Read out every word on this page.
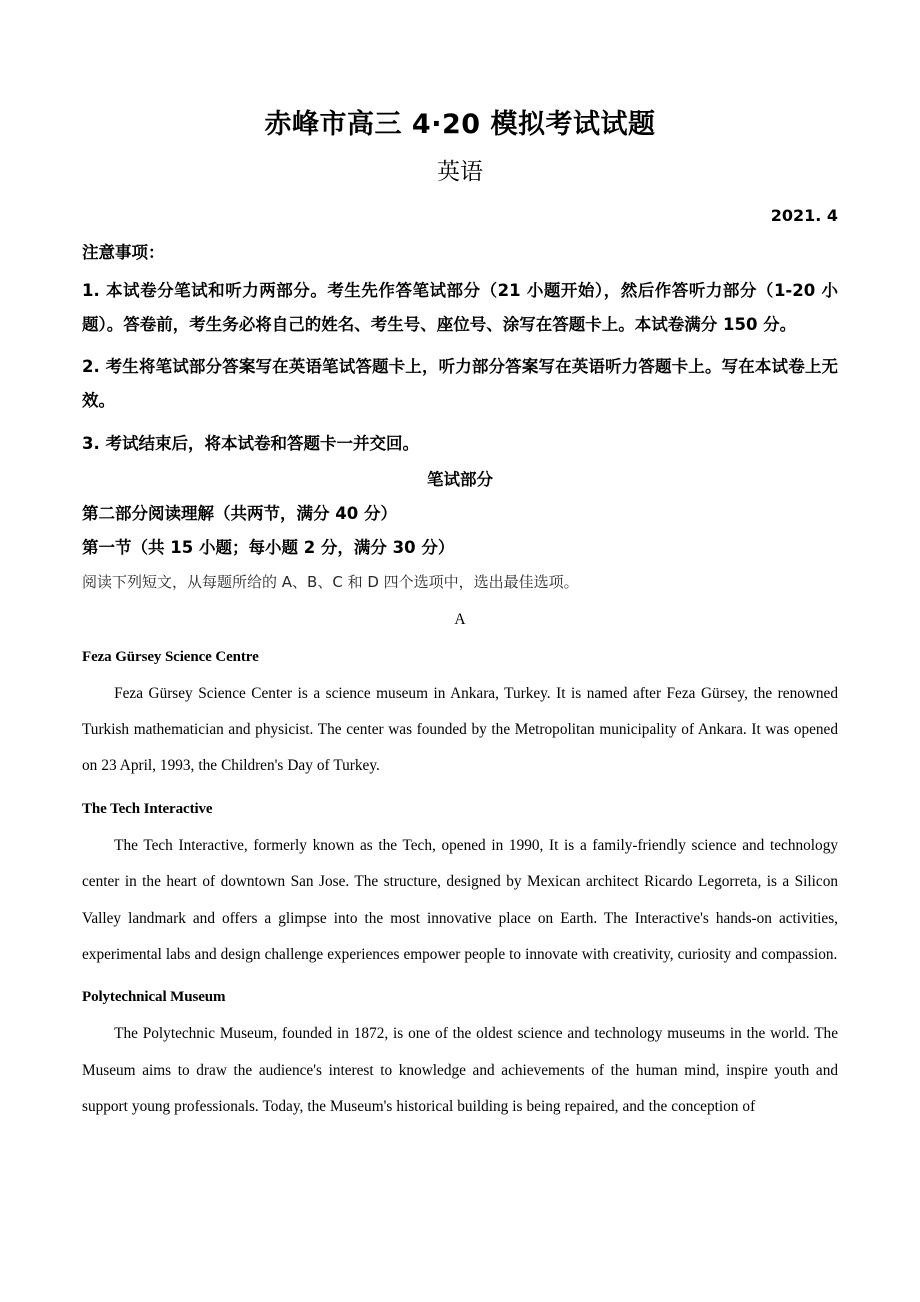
赤峰市高三 4·20 模拟考试试题
英语
2021. 4
注意事项：
1. 本试卷分笔试和听力两部分。考生先作答笔试部分（21 小题开始），然后作答听力部分（1-20 小题）。答卷前，考生务必将自己的姓名、考生号、座位号、涂写在答题卡上。本试卷满分 150 分。
2. 考生将笔试部分答案写在英语笔试答题卡上，听力部分答案写在英语听力答题卡上。写在本试卷上无效。
3. 考试结束后，将本试卷和答题卡一并交回。
笔试部分
第二部分阅读理解（共两节，满分 40 分）
第一节（共 15 小题；每小题 2 分，满分 30 分）
阅读下列短文，从每题所给的 A、B、C 和 D 四个选项中，选出最佳选项。
A
Feza Gürsey Science Centre

Feza Gürsey Science Center is a science museum in Ankara, Turkey. It is named after Feza Gürsey, the renowned Turkish mathematician and physicist. The center was founded by the Metropolitan municipality of Ankara. It was opened on 23 April, 1993, the Children's Day of Turkey.

The Tech Interactive

The Tech Interactive, formerly known as the Tech, opened in 1990, It is a family-friendly science and technology center in the heart of downtown San Jose. The structure, designed by Mexican architect Ricardo Legorreta, is a Silicon Valley landmark and offers a glimpse into the most innovative place on Earth. The Interactive's hands-on activities, experimental labs and design challenge experiences empower people to innovate with creativity, curiosity and compassion.

Polytechnical Museum

The Polytechnic Museum, founded in 1872, is one of the oldest science and technology museums in the world. The Museum aims to draw the audience's interest to knowledge and achievements of the human mind, inspire youth and support young professionals. Today, the Museum's historical building is being repaired, and the conception of
